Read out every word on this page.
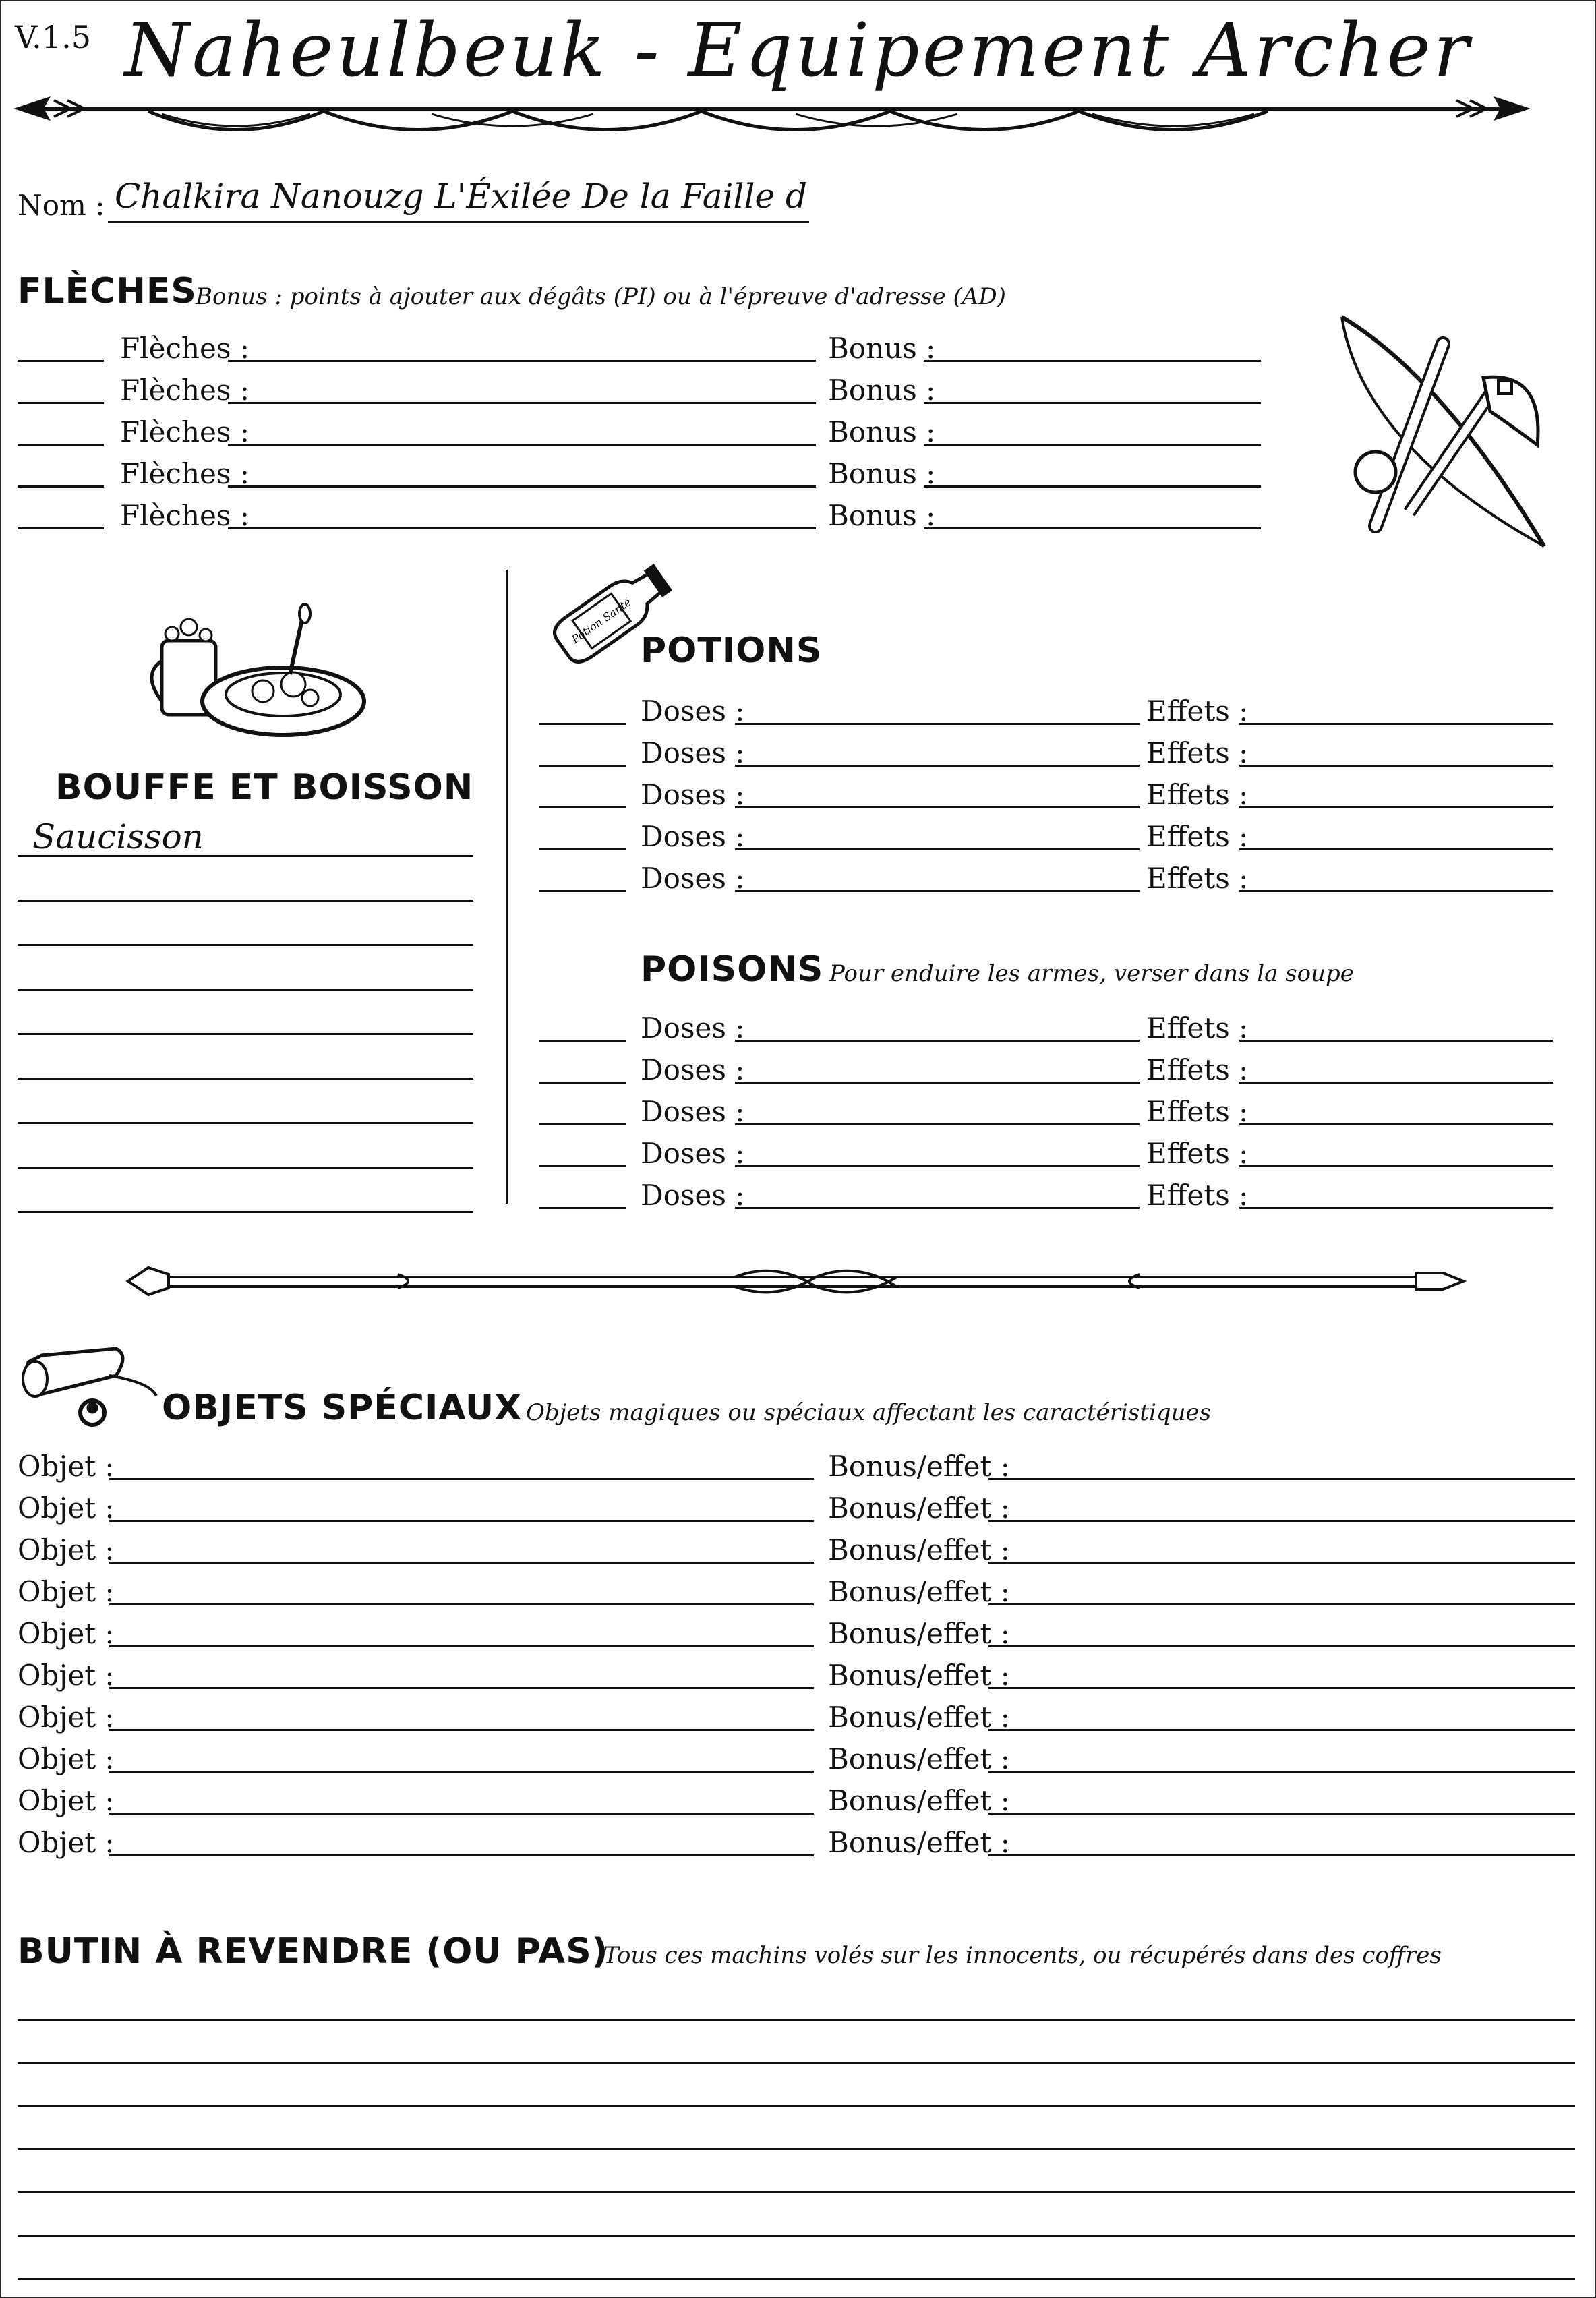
V.1.5 Naheulbeuk - Equipement Archer
Nom : Chalkira Nanouzg L'Éxilée De la Faille d
FLÈCHES
Bonus : points à ajouter aux dégâts (PI) ou à l'épreuve d'adresse (AD)
Flèches :	Bonus :
Flèches :	Bonus :
Flèches :	Bonus :
Flèches :	Bonus :
Flèches :	Bonus :
BOUFFE ET BOISSON
Saucisson
Potion Santé
POTIONS
Doses :	Effets :
Doses :	Effets :
Doses :	Effets :
Doses :	Effets :
Doses :	Effets :
POISONS Pour enduire les armes, verser dans la soupe
Doses :	Effets :
Doses :	Effets :
Doses :	Effets :
Doses :	Effets :
Doses :	Effets :
OBJETS SPÉCIAUX Objets magiques ou spéciaux affectant les caractéristiques
Objet :	Bonus/effet :
Objet :	Bonus/effet :
Objet :	Bonus/effet :
Objet :	Bonus/effet :
Objet :	Bonus/effet :
Objet :	Bonus/effet :
Objet :	Bonus/effet :
Objet :	Bonus/effet :
Objet :	Bonus/effet :
Objet :	Bonus/effet :
BUTIN À REVENDRE (OU PAS)
Tous ces machins volés sur les innocents, ou récupérés dans des coffres
